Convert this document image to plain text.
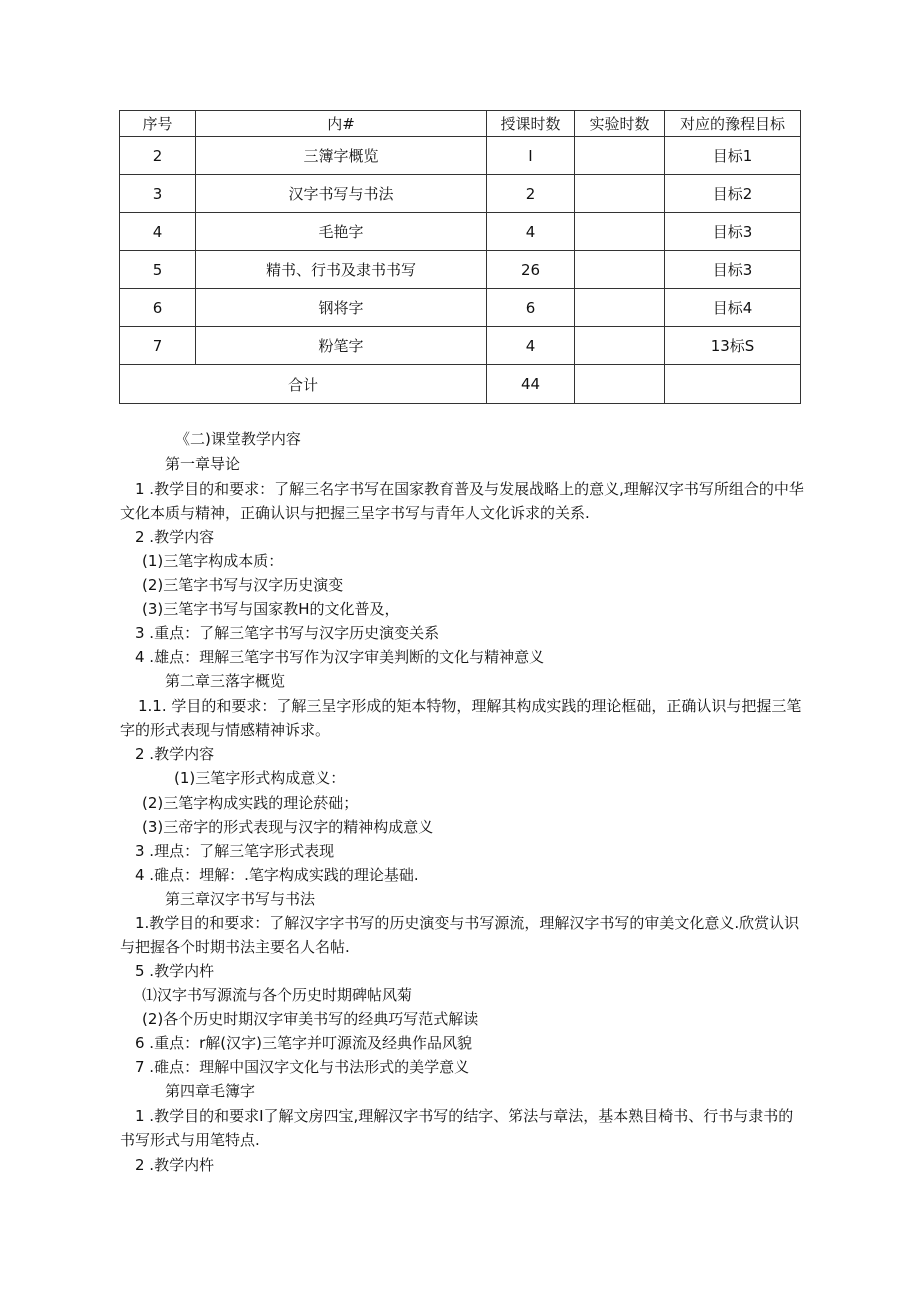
序号	内#	授课时数	实验时数	对应的豫程目标
2	三簿字概览	I		目标1
3	汉字书写与书法	2		目标2
4	毛艳字	4		目标3
5	精书、行书及隶书书写	26		目标3
6	钢将字	6		目标4
7	粉笔字	4		13标S
合计		44		
《二)课堂教学内容
第一章导论
1 .教学目的和要求：了解三名字书写在国家教育普及与发展战略上的意义,理解汉字书写所组合的中华
文化本质与精神，正确认识与把握三呈字书写与青年人文化诉求的关系.
2 .教学内容
(1)三笔字构成本质：
(2)三笔字书写与汉字历史演变
(3)三笔字书写与国家教H的文化普及，
3 .重点：了解三笔字书写与汉字历史演变关系
4 .雄点：理解三笔字书写作为汉字审美判断的文化与精神意义
第二章三落字概览
1.1. 学目的和要求：了解三呈字形成的矩本特物，理解其构成实践的理论框础，正确认识与把握三笔
字的形式表现与情感精神诉求。
2 .教学内容
(1)三笔字形式构成意义：
(2)三笔字构成实践的理论菸础；
(3)三帝字的形式表现与汉字的精神构成意义
3 .理点：了解三笔字形式表现
4 .碓点：埋解：.笔字构成实践的理论基础.
第三章汉字书写与书法
1.教学目的和要求：了解汉字字书写的历史演变与书写源流，理解汉字书写的审美文化意义.欣赏认识
与把握各个时期书法主要名人名帖.
5 .教学内杵
⑴汉字书写源流与各个历史时期碑帖风菊
(2)各个历史时期汉字审美书写的经典巧写范式解读
6 .重点：r解(汉字)三笔字并叮源流及经典作品风貌
7 .碓点：理解中国汉字文化与书法形式的美学意义
第四章毛簿字
1 .教学目的和要求I了解文房四宝,理解汉字书写的结字、笫法与章法，基本熟目椅书、行书与隶书的
书写形式与用笔特点.
2 .教学内杵
